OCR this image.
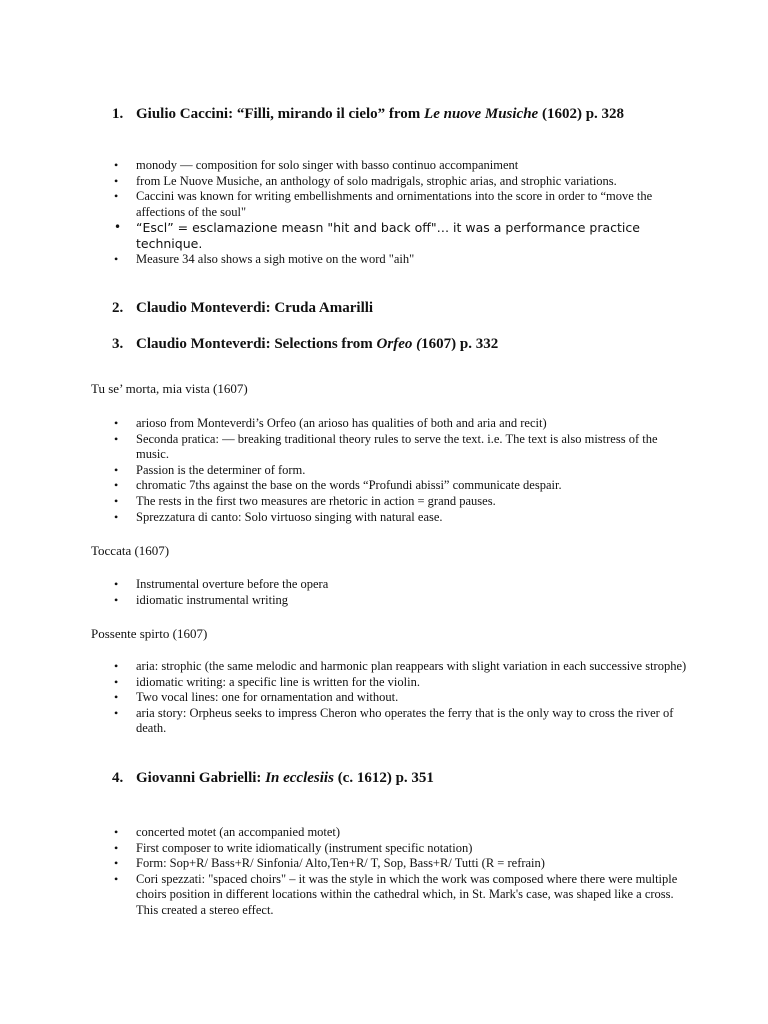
1. Giulio Caccini: “Filli, mirando il cielo” from Le nuove Musiche (1602) p. 328
• monody — composition for solo singer with basso continuo accompaniment
• from Le Nuove Musiche, an anthology of solo madrigals, strophic arias, and strophic variations.
• Caccini was known for writing embellishments and ornimentations into the score in order to “move the affections of the soul"
• “Escl” = esclamazione measn "hit and back off"… it was a performance practice technique.
• Measure 34 also shows a sigh motive on the word "aih"
2. Claudio Monteverdi: Cruda Amarilli
3. Claudio Monteverdi: Selections from Orfeo (1607) p. 332
Tu se’ morta, mia vista (1607)
• arioso from Monteverdi’s Orfeo (an arioso has qualities of both and aria and recit)
• Seconda pratica: — breaking traditional theory rules to serve the text. i.e. The text is also mistress of the music.
• Passion is the determiner of form.
• chromatic 7ths against the base on the words “Profundi abissi” communicate despair.
• The rests in the first two measures are rhetoric in action = grand pauses.
• Sprezzatura di canto: Solo virtuoso singing with natural ease.
Toccata (1607)
• Instrumental overture before the opera
• idiomatic instrumental writing
Possente spirto (1607)
• aria: strophic (the same melodic and harmonic plan reappears with slight variation in each successive strophe)
• idiomatic writing: a specific line is written for the violin.
• Two vocal lines: one for ornamentation and without.
• aria story: Orpheus seeks to impress Cheron who operates the ferry that is the only way to cross the river of death.
4. Giovanni Gabrielli: In ecclesiis (c. 1612) p. 351
• concerted motet (an accompanied motet)
• First composer to write idiomatically (instrument specific notation)
• Form: Sop+R/ Bass+R/ Sinfonia/ Alto,Ten+R/ T, Sop, Bass+R/ Tutti (R = refrain)
• Cori spezzati: "spaced choirs" – it was the style in which the work was composed where there were multiple choirs position in different locations within the cathedral which, in St. Mark's case, was shaped like a cross. This created a stereo effect.
